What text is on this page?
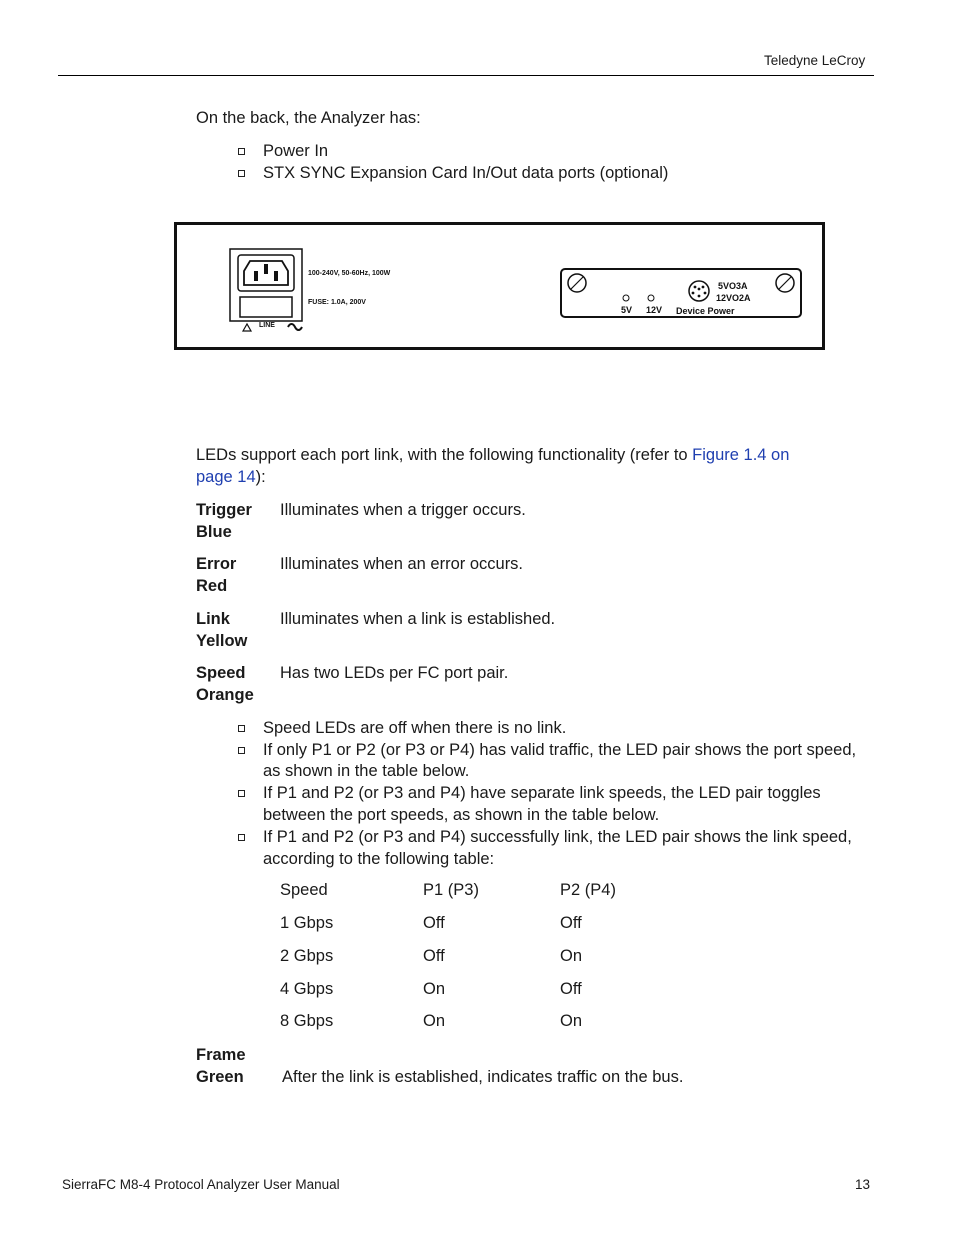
Teledyne LeCroy
On the back, the Analyzer has:
Power In
STX SYNC Expansion Card In/Out data ports (optional)
LINE
100-240V, 50-60Hz, 100W
FUSE: 1.0A, 200V
5V 12V Device Power
5VO3A
12VO2A
LEDs support each port link, with the following functionality (refer to Figure 1.4 on
page 14):
Trigger
Blue
Illuminates when a trigger occurs.
Error
Red
Illuminates when an error occurs.
Link
Yellow
Illuminates when a link is established.
Speed
Orange
Has two LEDs per FC port pair.
Speed LEDs are off when there is no link.
If only P1 or P2 (or P3 or P4) has valid traffic, the LED pair shows the port speed,
as shown in the table below.
If P1 and P2 (or P3 and P4) have separate link speeds, the LED pair toggles
between the port speeds, as shown in the table below.
If P1 and P2 (or P3 and P4) successfully link, the LED pair shows the link speed,
according to the following table:
Speed	P1 (P3)	P2 (P4)
1 Gbps	Off	Off
2 Gbps	Off	On
4 Gbps	On	Off
8 Gbps	On	On
Frame
Green After the link is established, indicates traffic on the bus.
SierraFC M8-4 Protocol Analyzer User Manual	13
